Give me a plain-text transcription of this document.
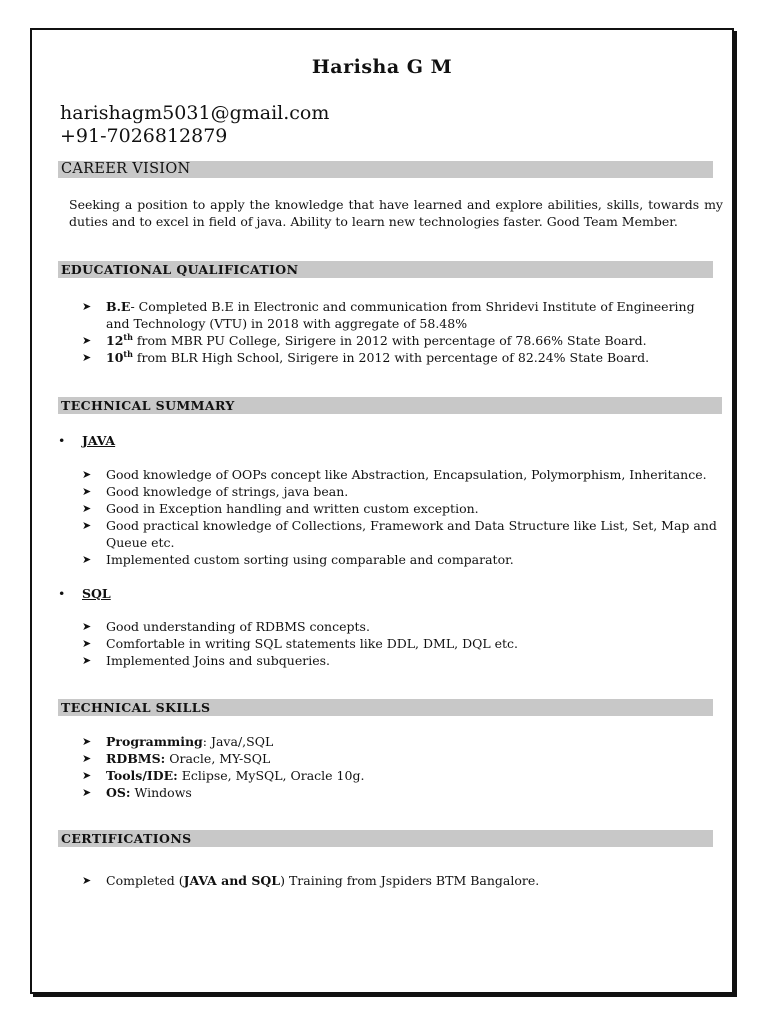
Harisha G M
harishagm5031@gmail.com
+91-7026812879
CAREER VISION
Seeking a position to apply the knowledge that have learned and explore abilities, skills, towards my duties and to excel in field of java. Ability to learn new technologies faster. Good Team Member.
EDUCATIONAL QUALIFICATION
➤ B.E- Completed B.E in Electronic and communication from Shridevi Institute of Engineering and Technology (VTU) in 2018 with aggregate of 58.48%
➤ 12th from MBR PU College, Sirigere in 2012 with percentage of 78.66% State Board.
➤ 10th from BLR High School, Sirigere in 2012 with percentage of 82.24% State Board.
TECHNICAL SUMMARY
• JAVA
➤ Good knowledge of OOPs concept like Abstraction, Encapsulation, Polymorphism, Inheritance.
➤ Good knowledge of strings, java bean.
➤ Good in Exception handling and written custom exception.
➤ Good practical knowledge of Collections, Framework and Data Structure like List, Set, Map and Queue etc.
➤ Implemented custom sorting using comparable and comparator.
• SQL
➤ Good understanding of RDBMS concepts.
➤ Comfortable in writing SQL statements like DDL, DML, DQL etc.
➤ Implemented Joins and subqueries.
TECHNICAL SKILLS
➤ Programming: Java/,SQL
➤ RDBMS: Oracle, MY-SQL
➤ Tools/IDE: Eclipse, MySQL, Oracle 10g.
➤ OS: Windows
CERTIFICATIONS
➤ Completed (JAVA and SQL) Training from Jspiders BTM Bangalore.
